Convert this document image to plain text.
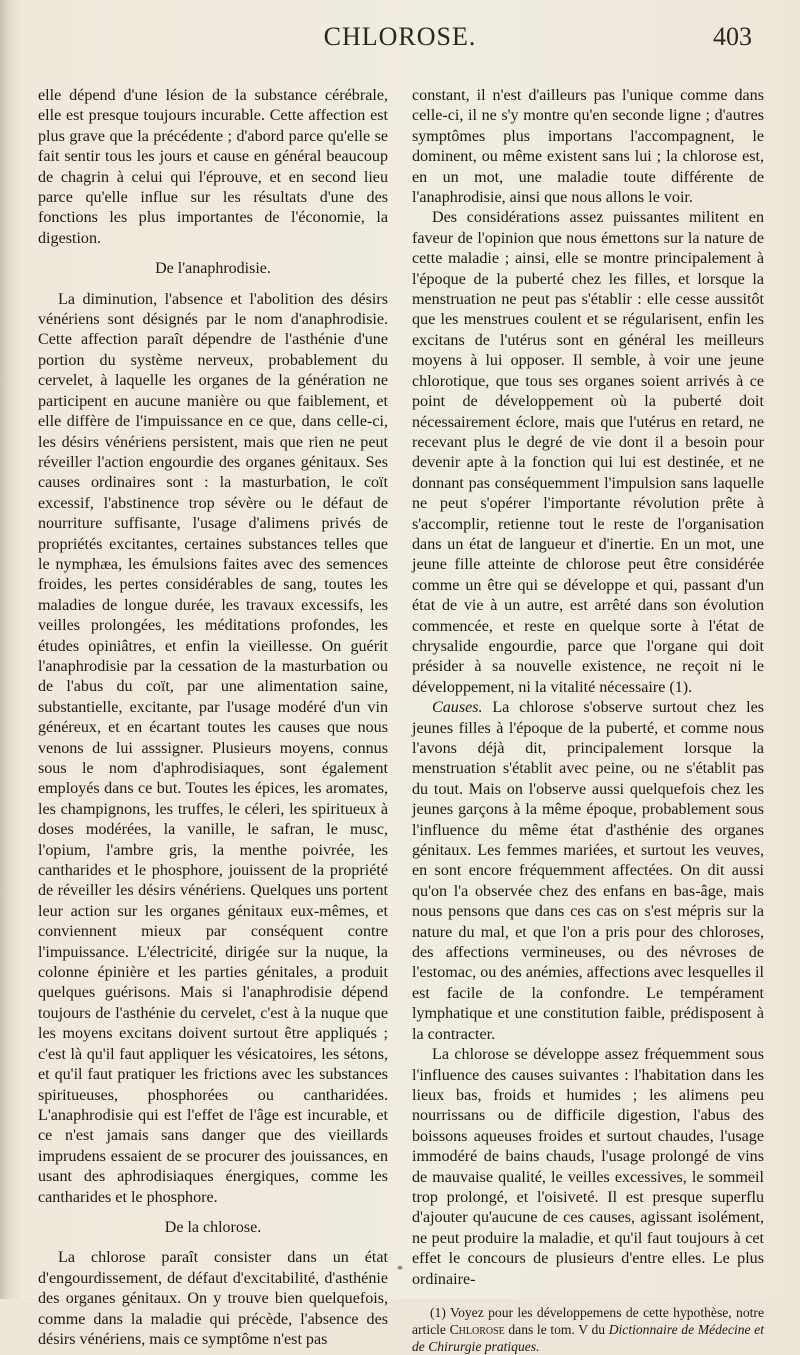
CHLOROSE.	403

elle dépend d'une lésion de la substance cérébrale, elle est presque toujours incurable. Cette affection est plus grave que la précédente ; d'abord parce qu'elle se fait sentir tous les jours et cause en général beaucoup de chagrin à celui qui l'éprouve, et en second lieu parce qu'elle influe sur les résultats d'une des fonctions les plus importantes de l'économie, la digestion.

De l'anaphrodisie.

La diminution, l'absence et l'abolition des désirs vénériens sont désignés par le nom d'anaphrodisie. Cette affection paraît dépendre de l'asthénie d'une portion du système nerveux, probablement du cervelet, à laquelle les organes de la génération ne participent en aucune manière ou que faiblement, et elle diffère de l'impuissance en ce que, dans celle-ci, les désirs vénériens persistent, mais que rien ne peut réveiller l'action engourdie des organes génitaux. Ses causes ordinaires sont : la masturbation, le coït excessif, l'abstinence trop sévère ou le défaut de nourriture suffisante, l'usage d'alimens privés de propriétés excitantes, certaines substances telles que le nymphæa, les émulsions faites avec des semences froides, les pertes considérables de sang, toutes les maladies de longue durée, les travaux excessifs, les veilles prolongées, les méditations profondes, les études opiniâtres, et enfin la vieillesse. On guérit l'anaphrodisie par la cessation de la masturbation ou de l'abus du coït, par une alimentation saine, substantielle, excitante, par l'usage modéré d'un vin généreux, et en écartant toutes les causes que nous venons de lui asssigner. Plusieurs moyens, connus sous le nom d'aphrodisiaques, sont également employés dans ce but. Toutes les épices, les aromates, les champignons, les truffes, le céleri, les spiritueux à doses modérées, la vanille, le safran, le musc, l'opium, l'ambre gris, la menthe poivrée, les cantharides et le phosphore, jouissent de la propriété de réveiller les désirs vénériens. Quelques uns portent leur action sur les organes génitaux eux-mêmes, et conviennent mieux par conséquent contre l'impuissance. L'électricité, dirigée sur la nuque, la colonne épinière et les parties génitales, a produit quelques guérisons. Mais si l'anaphrodisie dépend toujours de l'asthénie du cervelet, c'est à la nuque que les moyens excitans doivent surtout être appliqués ; c'est là qu'il faut appliquer les vésicatoires, les sétons, et qu'il faut pratiquer les frictions avec les substances spiritueuses, phosphorées ou cantharidées. L'anaphrodisie qui est l'effet de l'âge est incurable, et ce n'est jamais sans danger que des vieillards imprudens essaient de se procurer des jouissances, en usant des aphrodisiaques énergiques, comme les cantharides et le phosphore.

De la chlorose.

La chlorose paraît consister dans un état d'engourdissement, de défaut d'excitabilité, d'asthénie des organes génitaux. On y trouve bien quelquefois, comme dans la maladie qui précède, l'absence des désirs vénériens, mais ce symptôme n'est pas

constant, il n'est d'ailleurs pas l'unique comme dans celle-ci, il ne s'y montre qu'en seconde ligne ; d'autres symptômes plus importans l'accompagnent, le dominent, ou même existent sans lui ; la chlorose est, en un mot, une maladie toute différente de l'anaphrodisie, ainsi que nous allons le voir.

Des considérations assez puissantes militent en faveur de l'opinion que nous émettons sur la nature de cette maladie ; ainsi, elle se montre principalement à l'époque de la puberté chez les filles, et lorsque la menstruation ne peut pas s'établir : elle cesse aussitôt que les menstrues coulent et se régularisent, enfin les excitans de l'utérus sont en général les meilleurs moyens à lui opposer. Il semble, à voir une jeune chlorotique, que tous ses organes soient arrivés à ce point de développement où la puberté doit nécessairement éclore, mais que l'utérus en retard, ne recevant plus le degré de vie dont il a besoin pour devenir apte à la fonction qui lui est destinée, et ne donnant pas conséquemment l'impulsion sans laquelle ne peut s'opérer l'importante révolution prête à s'accomplir, retienne tout le reste de l'organisation dans un état de langueur et d'inertie. En un mot, une jeune fille atteinte de chlorose peut être considérée comme un être qui se développe et qui, passant d'un état de vie à un autre, est arrêté dans son évolution commencée, et reste en quelque sorte à l'état de chrysalide engourdie, parce que l'organe qui doit présider à sa nouvelle existence, ne reçoit ni le développement, ni la vitalité nécessaire (1).

Causes. La chlorose s'observe surtout chez les jeunes filles à l'époque de la puberté, et comme nous l'avons déjà dit, principalement lorsque la menstruation s'établit avec peine, ou ne s'établit pas du tout. Mais on l'observe aussi quelquefois chez les jeunes garçons à la même époque, probablement sous l'influence du même état d'asthénie des organes génitaux. Les femmes mariées, et surtout les veuves, en sont encore fréquemment affectées. On dit aussi qu'on l'a observée chez des enfans en bas-âge, mais nous pensons que dans ces cas on s'est mépris sur la nature du mal, et que l'on a pris pour des chloroses, des affections vermineuses, ou des névroses de l'estomac, ou des anémies, affections avec lesquelles il est facile de la confondre. Le tempérament lymphatique et une constitution faible, prédisposent à la contracter.

La chlorose se développe assez fréquemment sous l'influence des causes suivantes : l'habitation dans les lieux bas, froids et humides ; les alimens peu nourrissans ou de difficile digestion, l'abus des boissons aqueuses froides et surtout chaudes, l'usage immodéré de bains chauds, l'usage prolongé de vins de mauvaise qualité, le veilles excessives, le sommeil trop prolongé, et l'oisiveté. Il est presque superflu d'ajouter qu'aucune de ces causes, agissant isolément, ne peut produire la maladie, et qu'il faut toujours à cet effet le concours de plusieurs d'entre elles. Le plus ordinaire-

(1) Voyez pour les développemens de cette hypothèse, notre article Chlorose dans le tom. V du Dictionnaire de Médecine et de Chirurgie pratiques.
*
